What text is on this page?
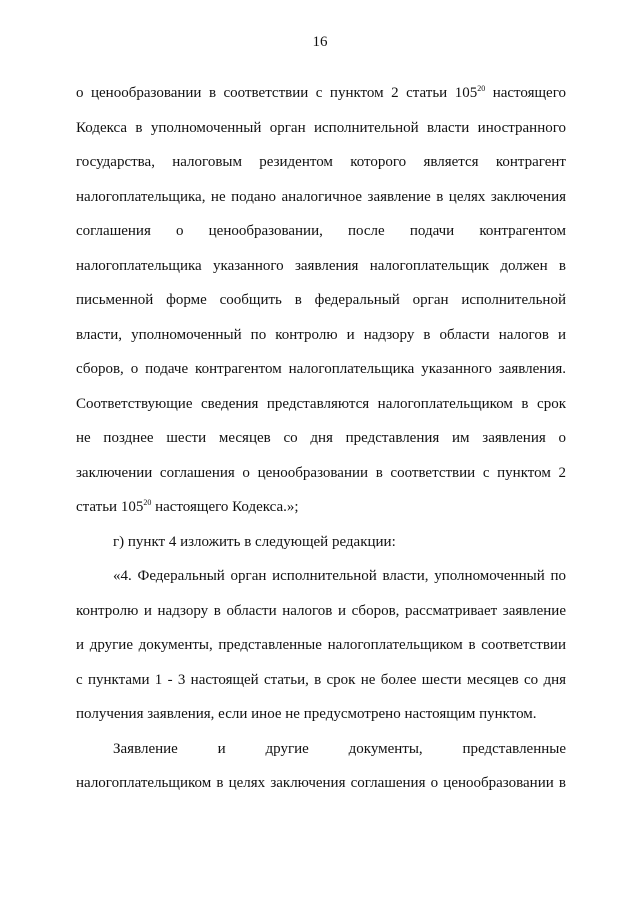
16

о ценообразовании в соответствии с пунктом 2 статьи $105^{20}$ настоящего
Кодекса в уполномоченный орган исполнительной власти иностранного
государства, налоговым резидентом которого является контрагент
налогоплательщика, не подано аналогичное заявление в целях заключения
соглашения о ценообразовании, после подачи контрагентом
налогоплательщика указанного заявления налогоплательщик должен в
письменной форме сообщить в федеральный орган исполнительной
власти, уполномоченный по контролю и надзору в области налогов и
сборов, о подаче контрагентом налогоплательщика указанного заявления.
Соответствующие сведения представляются налогоплательщиком в срок
не позднее шести месяцев со дня представления им заявления о
заключении соглашения о ценообразовании в соответствии с пунктом 2
статьи $105^{20}$ настоящего Кодекса.»;

г) пункт 4 изложить в следующей редакции:

«4. Федеральный орган исполнительной власти, уполномоченный по
контролю и надзору в области налогов и сборов, рассматривает заявление
и другие документы, представленные налогоплательщиком в соответствии
с пунктами 1 - 3 настоящей статьи, в срок не более шести месяцев со дня
получения заявления, если иное не предусмотрено настоящим пунктом.

Заявление и другие документы, представленные
налогоплательщиком в целях заключения соглашения о ценообразовании в
